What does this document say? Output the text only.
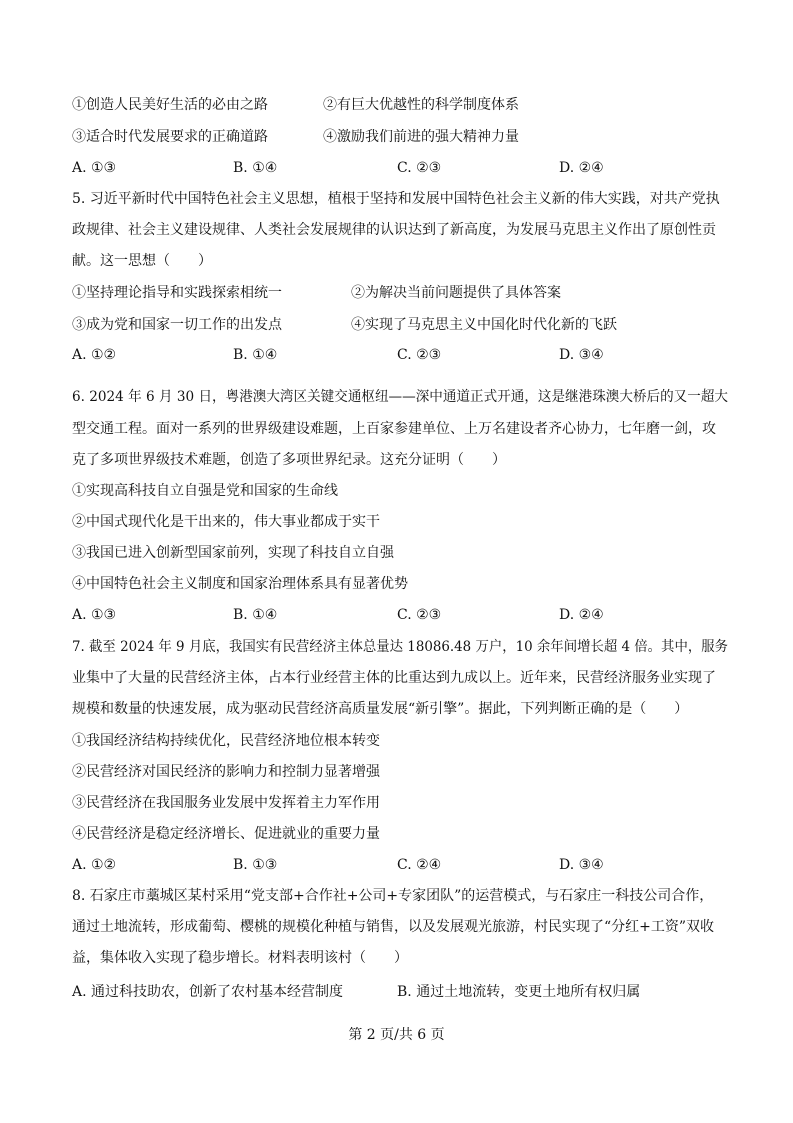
①创造人民美好生活的必由之路	②有巨大优越性的科学制度体系
③适合时代发展要求的正确道路	④激励我们前进的强大精神力量
A. ①③	B. ①④	C. ②③	D. ②④
5. 习近平新时代中国特色社会主义思想，植根于坚持和发展中国特色社会主义新的伟大实践，对共产党执
政规律、社会主义建设规律、人类社会发展规律的认识达到了新高度，为发展马克思主义作出了原创性贡
献。这一思想（　　）
①坚持理论指导和实践探索相统一	②为解决当前问题提供了具体答案
③成为党和国家一切工作的出发点	④实现了马克思主义中国化时代化新的飞跃
A. ①②	B. ①④	C. ②③	D. ③④
6. 2024 年 6 月 30 日，粤港澳大湾区关键交通枢纽——深中通道正式开通，这是继港珠澳大桥后的又一超大
型交通工程。面对一系列的世界级建设难题，上百家参建单位、上万名建设者齐心协力，七年磨一剑，攻
克了多项世界级技术难题，创造了多项世界纪录。这充分证明（　　）
①实现高科技自立自强是党和国家的生命线
②中国式现代化是干出来的，伟大事业都成于实干
③我国已进入创新型国家前列，实现了科技自立自强
④中国特色社会主义制度和国家治理体系具有显著优势
A. ①③	B. ①④	C. ②③	D. ②④
7. 截至 2024 年 9 月底，我国实有民营经济主体总量达 18086.48 万户，10 余年间增长超 4 倍。其中，服务
业集中了大量的民营经济主体，占本行业经营主体的比重达到九成以上。近年来，民营经济服务业实现了
规模和数量的快速发展，成为驱动民营经济高质量发展“新引擎”。据此，下列判断正确的是（　　）
①我国经济结构持续优化，民营经济地位根本转变
②民营经济对国民经济的影响力和控制力显著增强
③民营经济在我国服务业发展中发挥着主力军作用
④民营经济是稳定经济增长、促进就业的重要力量
A. ①②	B. ①③	C. ②④	D. ③④
8. 石家庄市藁城区某村采用“党支部+合作社+公司+专家团队”的运营模式，与石家庄一科技公司合作，
通过土地流转，形成葡萄、樱桃的规模化种植与销售，以及发展观光旅游，村民实现了“分红+工资”双收
益，集体收入实现了稳步增长。材料表明该村（　　）
A. 通过科技助农，创新了农村基本经营制度	B. 通过土地流转，变更土地所有权归属
第 2 页/共 6 页
